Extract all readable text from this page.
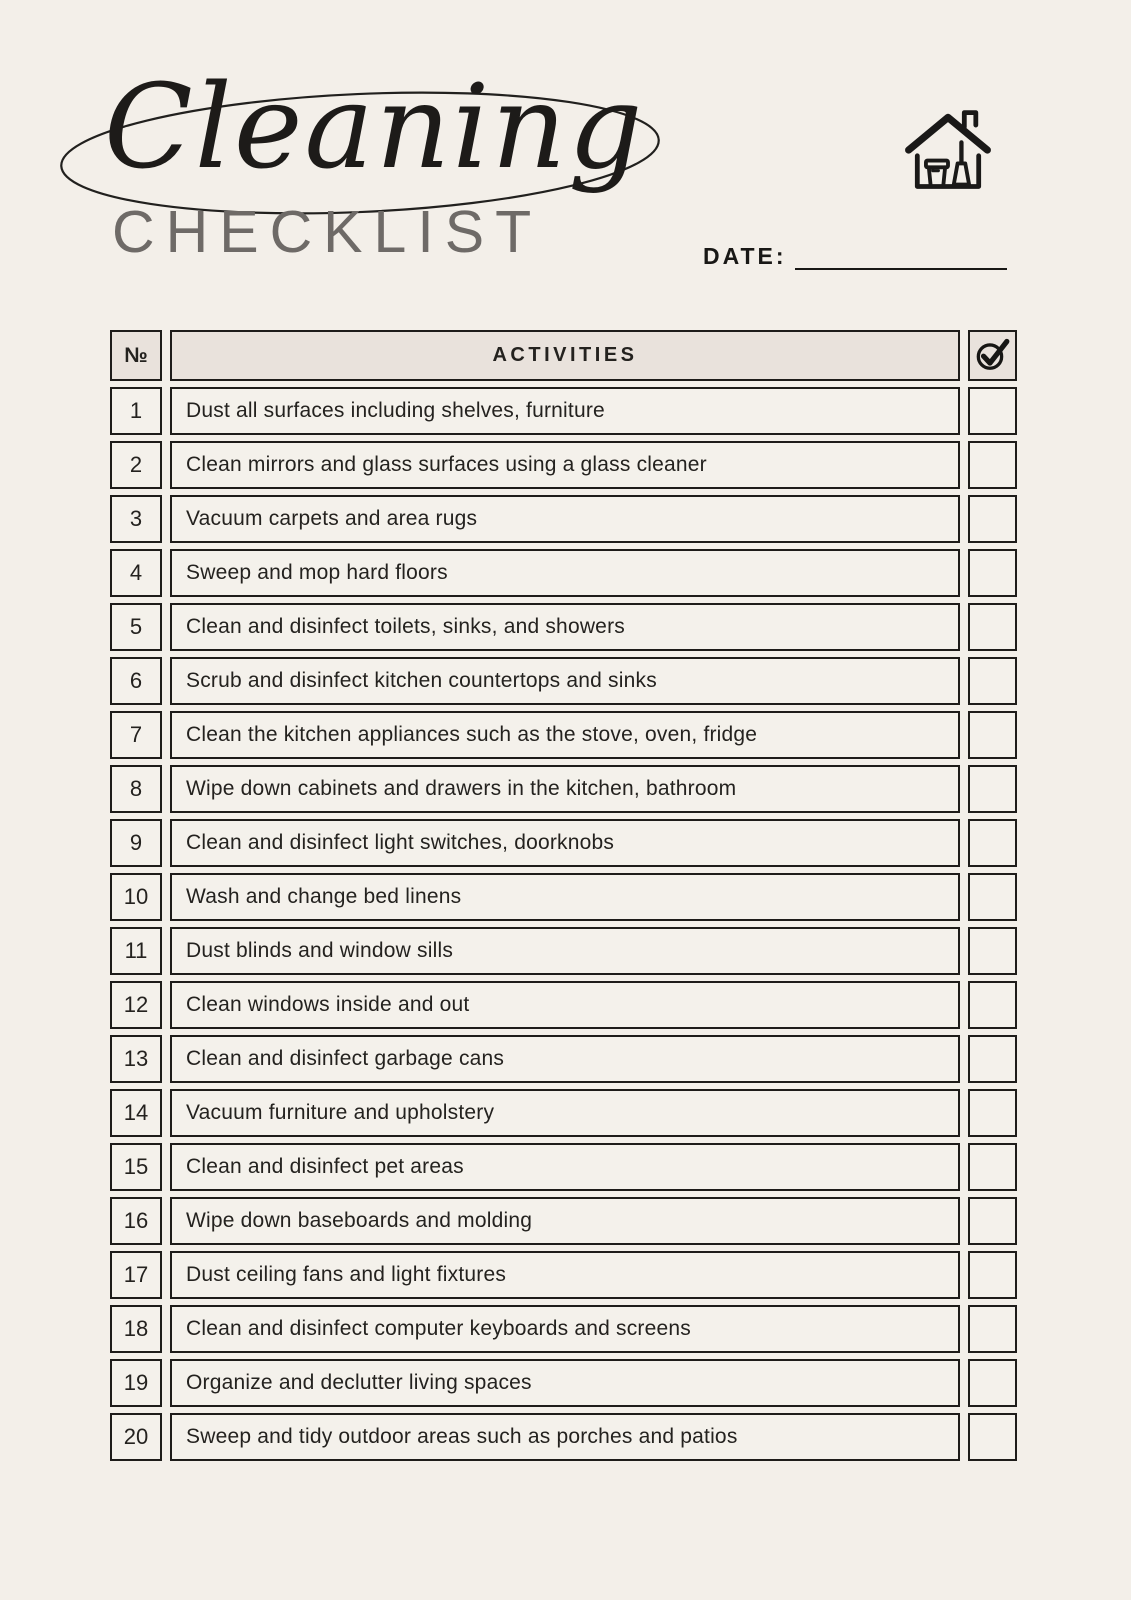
Cleaning
CHECKLIST	DATE:
№	ACTIVITIES
1	Dust all surfaces including shelves, furniture
2	Clean mirrors and glass surfaces using a glass cleaner
3	Vacuum carpets and area rugs
4	Sweep and mop hard floors
5	Clean and disinfect toilets, sinks, and showers
6	Scrub and disinfect kitchen countertops and sinks
7	Clean the kitchen appliances such as the stove, oven, fridge
8	Wipe down cabinets and drawers in the kitchen, bathroom
9	Clean and disinfect light switches, doorknobs
10	Wash and change bed linens
11	Dust blinds and window sills
12	Clean windows inside and out
13	Clean and disinfect garbage cans
14	Vacuum furniture and upholstery
15	Clean and disinfect pet areas
16	Wipe down baseboards and molding
17	Dust ceiling fans and light fixtures
18	Clean and disinfect computer keyboards and screens
19	Organize and declutter living spaces
20	Sweep and tidy outdoor areas such as porches and patios
